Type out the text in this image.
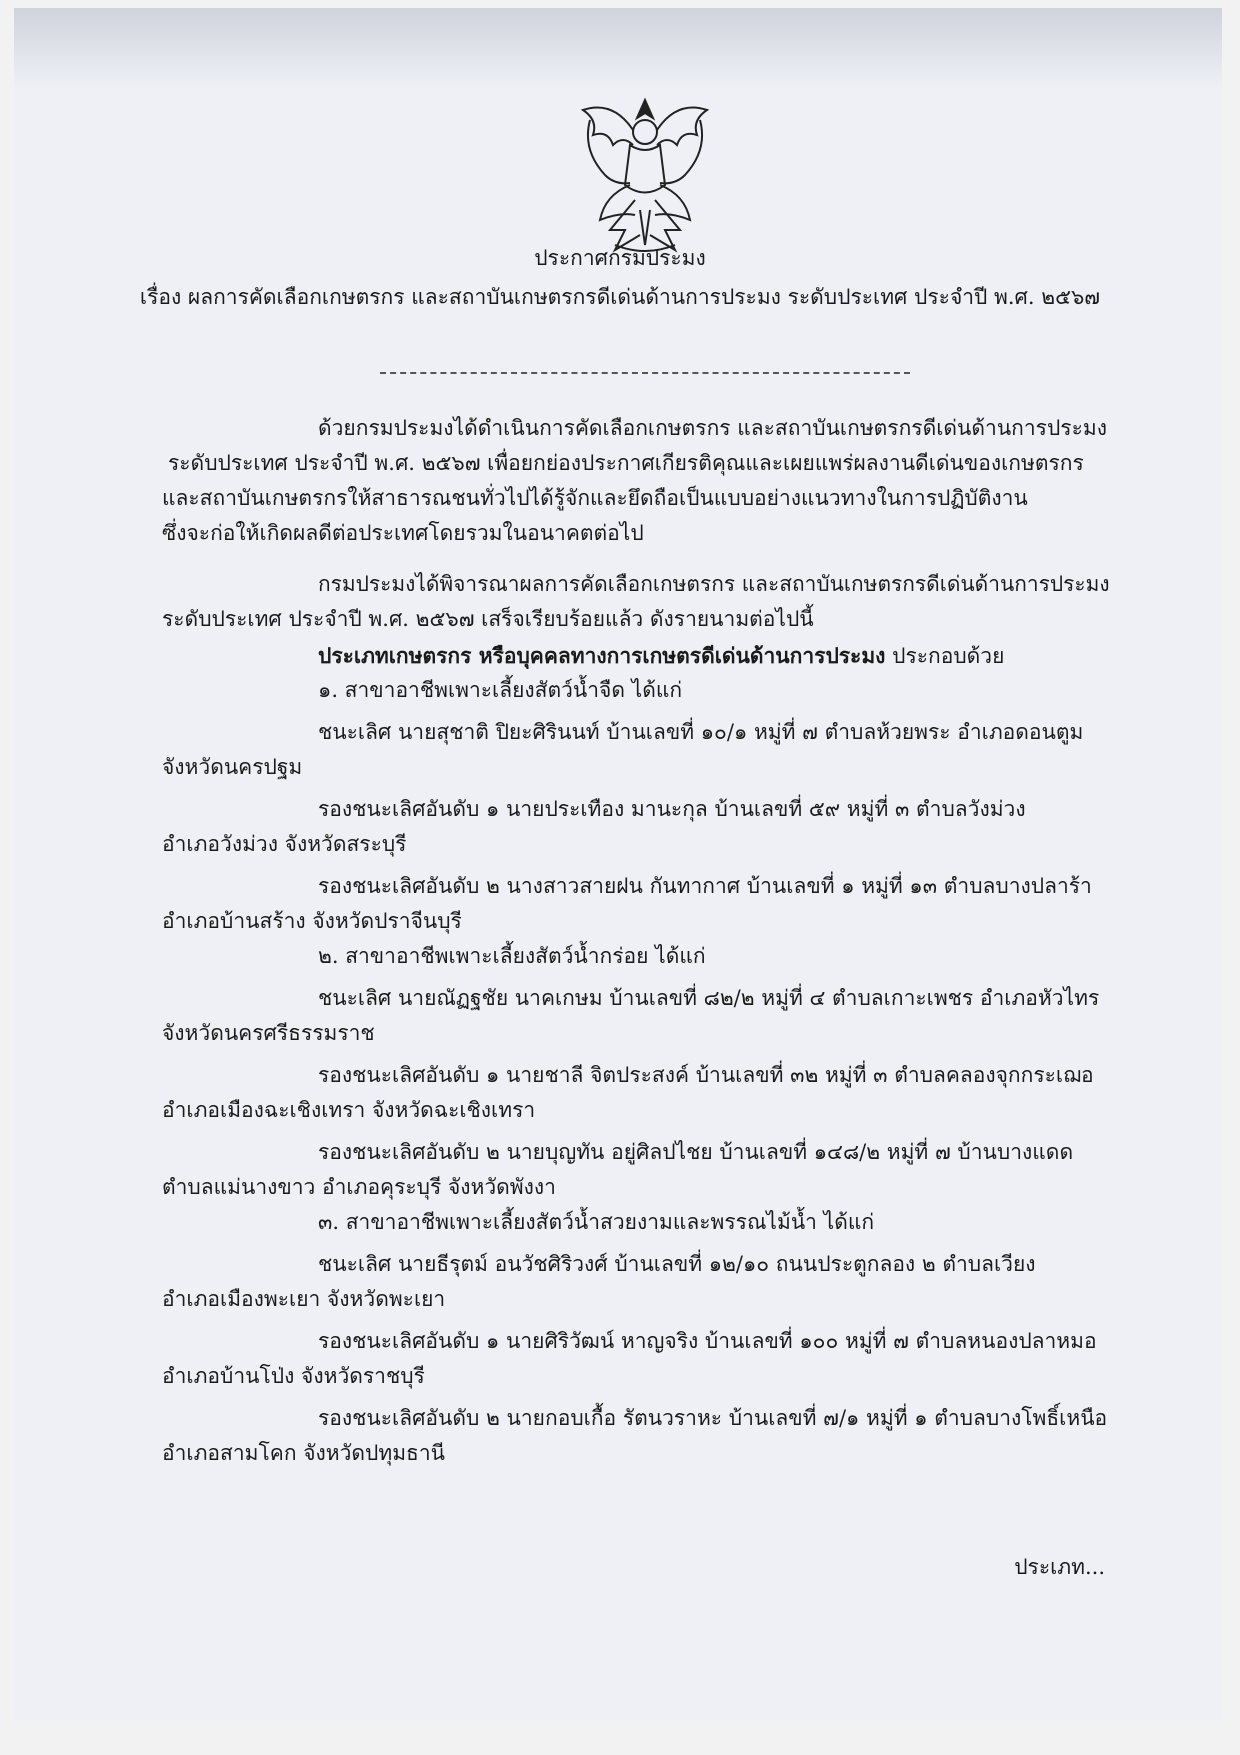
ประกาศกรมประมง
เรื่อง ผลการคัดเลือกเกษตรกร และสถาบันเกษตรกรดีเด่นด้านการประมง ระดับประเทศ ประจำปี พ.ศ. ๒๕๖๗
ด้วยกรมประมงได้ดำเนินการคัดเลือกเกษตรกร และสถาบันเกษตรกรดีเด่นด้านการประมง
ระดับประเทศ ประจำปี พ.ศ. ๒๕๖๗ เพื่อยกย่องประกาศเกียรติคุณและเผยแพร่ผลงานดีเด่นของเกษตรกร
และสถาบันเกษตรกรให้สาธารณชนทั่วไปได้รู้จักและยึดถือเป็นแบบอย่างแนวทางในการปฏิบัติงาน
ซึ่งจะก่อให้เกิดผลดีต่อประเทศโดยรวมในอนาคตต่อไป
กรมประมงได้พิจารณาผลการคัดเลือกเกษตรกร และสถาบันเกษตรกรดีเด่นด้านการประมง
ระดับประเทศ ประจำปี พ.ศ. ๒๕๖๗ เสร็จเรียบร้อยแล้ว ดังรายนามต่อไปนี้
ประเภทเกษตรกร หรือบุคคลทางการเกษตรดีเด่นด้านการประมง ประกอบด้วย
๑. สาขาอาชีพเพาะเลี้ยงสัตว์น้ำจืด ได้แก่
ชนะเลิศ นายสุชาติ ปิยะศิรินนท์ บ้านเลขที่ ๑๐/๑ หมู่ที่ ๗ ตำบลห้วยพระ อำเภอดอนตูม
จังหวัดนครปฐม
รองชนะเลิศอันดับ ๑ นายประเทือง มานะกุล บ้านเลขที่ ๕๙ หมู่ที่ ๓ ตำบลวังม่วง
อำเภอวังม่วง จังหวัดสระบุรี
รองชนะเลิศอันดับ ๒ นางสาวสายฝน กันทากาศ บ้านเลขที่ ๑ หมู่ที่ ๑๓ ตำบลบางปลาร้า
อำเภอบ้านสร้าง จังหวัดปราจีนบุรี
๒. สาขาอาชีพเพาะเลี้ยงสัตว์น้ำกร่อย ได้แก่
ชนะเลิศ นายณัฏฐชัย นาคเกษม บ้านเลขที่ ๘๒/๒ หมู่ที่ ๔ ตำบลเกาะเพชร อำเภอหัวไทร
จังหวัดนครศรีธรรมราช
รองชนะเลิศอันดับ ๑ นายชาลี จิตประสงค์ บ้านเลขที่ ๓๒ หมู่ที่ ๓ ตำบลคลองจุกกระเฌอ
อำเภอเมืองฉะเชิงเทรา จังหวัดฉะเชิงเทรา
รองชนะเลิศอันดับ ๒ นายบุญทัน อยู่ศิลปไชย บ้านเลขที่ ๑๔๘/๒ หมู่ที่ ๗ บ้านบางแดด
ตำบลแม่นางขาว อำเภอคุระบุรี จังหวัดพังงา
๓. สาขาอาชีพเพาะเลี้ยงสัตว์น้ำสวยงามและพรรณไม้น้ำ ได้แก่
ชนะเลิศ นายธีรุตม์ อนวัชศิริวงศ์ บ้านเลขที่ ๑๒/๑๐ ถนนประตูกลอง ๒ ตำบลเวียง
อำเภอเมืองพะเยา จังหวัดพะเยา
รองชนะเลิศอันดับ ๑ นายศิริวัฒน์ หาญจริง บ้านเลขที่ ๑๐๐ หมู่ที่ ๗ ตำบลหนองปลาหมอ
อำเภอบ้านโป่ง จังหวัดราชบุรี
รองชนะเลิศอันดับ ๒ นายกอบเกื้อ รัตนวราหะ บ้านเลขที่ ๗/๑ หมู่ที่ ๑ ตำบลบางโพธิ์เหนือ
อำเภอสามโคก จังหวัดปทุมธานี
ประเภท...
